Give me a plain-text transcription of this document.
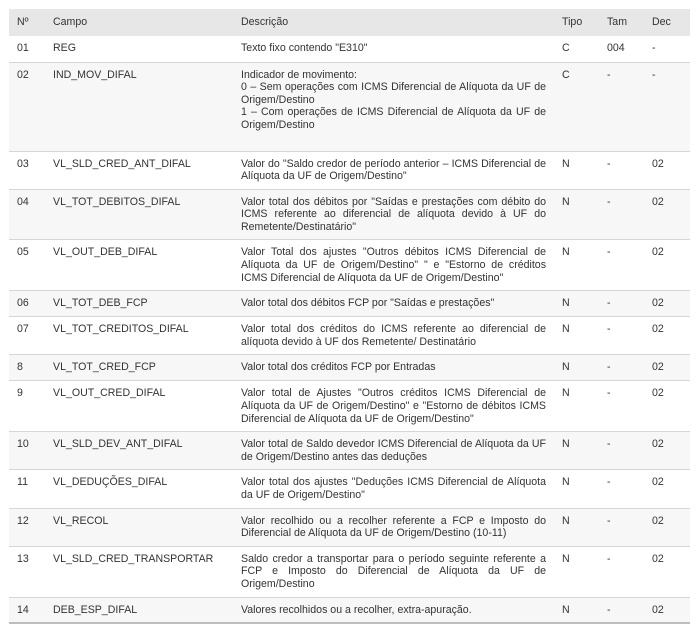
Nº	Campo	Descrição	Tipo	Tam	Dec
01	REG	Texto fixo contendo "E310"	C	004	-
02	IND_MOV_DIFAL	Indicador de movimento:
0 – Sem operações com ICMS Diferencial de Alíquota da UF de Origem/Destino
1 – Com operações de ICMS Diferencial de Alíquota da UF de Origem/Destino	C	-	-
03	VL_SLD_CRED_ANT_DIFAL	Valor do "Saldo credor de período anterior – ICMS Diferencial de Alíquota da UF de Origem/Destino"	N	-	02
04	VL_TOT_DEBITOS_DIFAL	Valor total dos débitos por "Saídas e prestações com débito do ICMS referente ao diferencial de alíquota devido à UF do Remetente/Destinatário"	N	-	02
05	VL_OUT_DEB_DIFAL	Valor Total dos ajustes "Outros débitos ICMS Diferencial de Alíquota da UF de Origem/Destino" " e "Estorno de créditos ICMS Diferencial de Alíquota da UF de Origem/Destino"	N	-	02
06	VL_TOT_DEB_FCP	Valor total dos débitos FCP por "Saídas e prestações"	N	-	02
07	VL_TOT_CREDITOS_DIFAL	Valor total dos créditos do ICMS referente ao diferencial de alíquota devido à UF dos Remetente/ Destinatário	N	-	02
8	VL_TOT_CRED_FCP	Valor total dos créditos FCP por Entradas	N	-	02
9	VL_OUT_CRED_DIFAL	Valor total de Ajustes "Outros créditos ICMS Diferencial de Alíquota da UF de Origem/Destino" e "Estorno de débitos ICMS Diferencial de Alíquota da UF de Origem/Destino"	N	-	02
10	VL_SLD_DEV_ANT_DIFAL	Valor total de Saldo devedor ICMS Diferencial de Alíquota da UF de Origem/Destino antes das deduções	N	-	02
11	VL_DEDUÇÕES_DIFAL	Valor total dos ajustes "Deduções ICMS Diferencial de Alíquota da UF de Origem/Destino"	N	-	02
12	VL_RECOL	Valor recolhido ou a recolher referente a FCP e Imposto do Diferencial de Alíquota da UF de Origem/Destino (10-11)	N	-	02
13	VL_SLD_CRED_TRANSPORTAR	Saldo credor a transportar para o período seguinte referente a FCP e Imposto do Diferencial de Alíquota da UF de Origem/Destino	N	-	02
14	DEB_ESP_DIFAL	Valores recolhidos ou a recolher, extra-apuração.	N	-	02
